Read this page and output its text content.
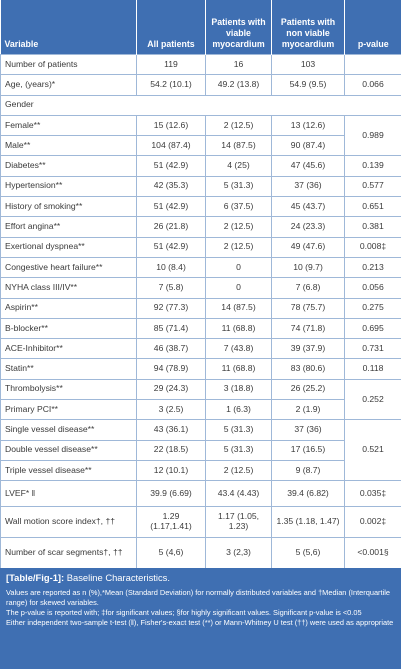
Variable	All patients	Patients with viable myocardium	Patients with non viable myocardium	p-value
Number of patients	119	16	103	
Age, (years)*	54.2 (10.1)	49.2 (13.8)	54.9 (9.5)	0.066
Gender				
Female**	15 (12.6)	2 (12.5)	13 (12.6)	0.989
Male**	104 (87.4)	14 (87.5)	90 (87.4)	
Diabetes**	51 (42.9)	4 (25)	47 (45.6)	0.139
Hypertension**	42 (35.3)	5 (31.3)	37 (36)	0.577
History of smoking**	51 (42.9)	6 (37.5)	45 (43.7)	0.651
Effort angina**	26 (21.8)	2 (12.5)	24 (23.3)	0.381
Exertional dyspnea**	51 (42.9)	2 (12.5)	49 (47.6)	0.008‡
Congestive heart failure**	10 (8.4)	0	10 (9.7)	0.213
NYHA class III/IV**	7 (5.8)	0	7 (6.8)	0.056
Aspirin**	92 (77.3)	14 (87.5)	78 (75.7)	0.275
B-blocker**	85 (71.4)	11 (68.8)	74 (71.8)	0.695
ACE-Inhibitor**	46 (38.7)	7 (43.8)	39 (37.9)	0.731
Statin**	94 (78.9)	11 (68.8)	83 (80.6)	0.118
Thrombolysis**	29 (24.3)	3 (18.8)	26 (25.2)	0.252
Primary PCI**	3 (2.5)	1 (6.3)	2 (1.9)	
Single vessel disease**	43 (36.1)	5 (31.3)	37 (36)	0.521
Double vessel disease**	22 (18.5)	5 (31.3)	17 (16.5)	
Triple vessel disease**	12 (10.1)	2 (12.5)	9 (8.7)	
LVEF* ‖	39.9 (6.69)	43.4 (4.43)	39.4 (6.82)	0.035‡
Wall motion score index†, ††	1.29 (1.17,1.41)	1.17 (1.05, 1.23)	1.35 (1.18, 1.47)	0.002‡
Number of scar segments†, ††	5 (4,6)	3 (2,3)	5 (5,6)	<0.001§
[Table/Fig-1]: Baseline Characteristics.

Values are reported as n (%),*Mean (Standard Deviation) for normally distributed variables and †Median (Interquartile range) for skewed variables.

The p-value is reported with; ‡for significant values; §for highly significant values. Significant p-value is <0.05

Either independent two-sample t-test (‖), Fisher's-exact test (**) or Mann-Whitney U test (††) were used as appropriate
